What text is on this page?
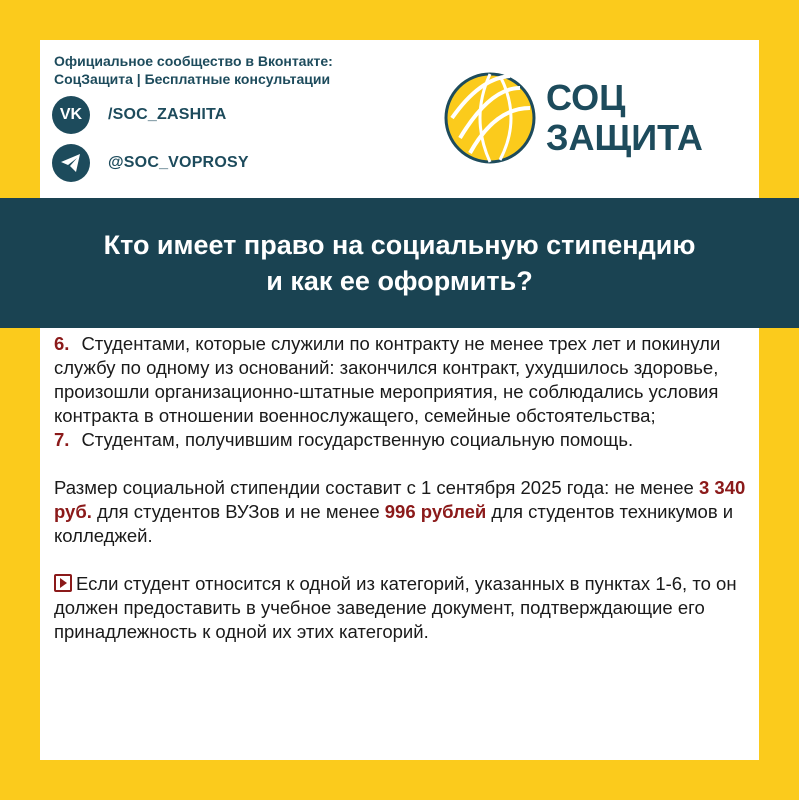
Официальное сообщество в Вконтакте:
СоцЗащита | Бесплатные консультации
VK /SOC_ZASHITA
@SOC_VOPROSY
СОЦ
ЗАЩИТА
Кто имеет право на социальную стипендию
и как ее оформить?

6. Студентами, которые служили по контракту не менее трех лет и покинули службу по одному из оснований: закончился контракт, ухудшилось здоровье, произошли организационно-штатные мероприятия, не соблюдались условия контракта в отношении военнослужащего, семейные обстоятельства;

7. Студентам, получившим государственную социальную помощь.

Размер социальной стипендии составит с 1 сентября 2025 года: не менее 3 340 руб. для студентов ВУЗов и не менее 996 рублей для студентов техникумов и колледжей.

Если студент относится к одной из категорий, указанных в пунктах 1-6, то он должен предоставить в учебное заведение документ, подтверждающие его принадлежность к одной их этих категорий.
